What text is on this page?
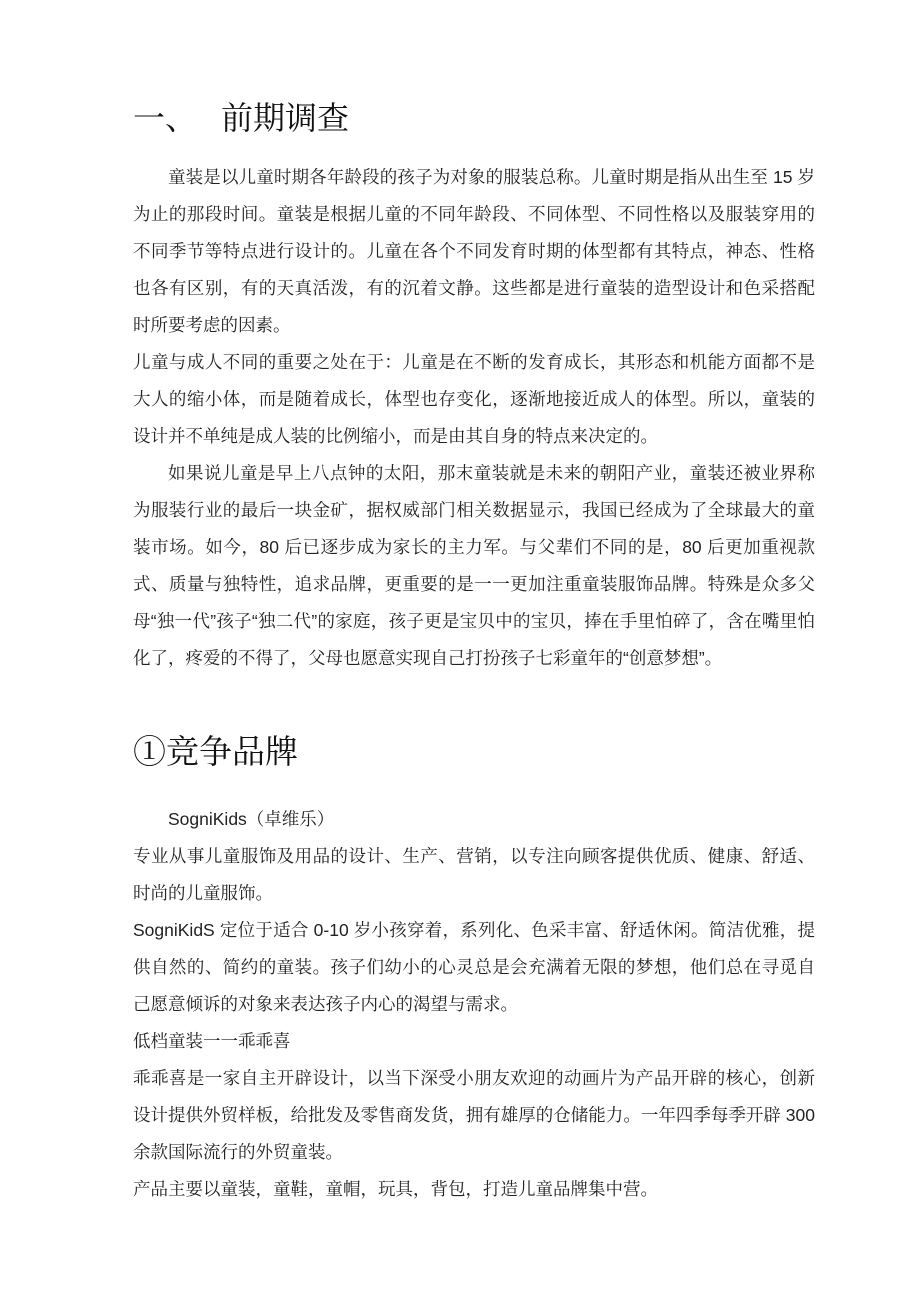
一、 前期调查

童装是以儿童时期各年龄段的孩子为对象的服装总称。儿童时期是指从出生至 15 岁为止的那段时间。童装是根据儿童的不同年龄段、不同体型、不同性格以及服装穿用的不同季节等特点进行设计的。儿童在各个不同发育时期的体型都有其特点，神态、性格也各有区别，有的天真活泼，有的沉着文静。这些都是进行童装的造型设计和色采搭配时所要考虑的因素。

儿童与成人不同的重要之处在于：儿童是在不断的发育成长，其形态和机能方面都不是大人的缩小体，而是随着成长，体型也存变化，逐渐地接近成人的体型。所以，童装的设计并不单纯是成人装的比例缩小，而是由其自身的特点来决定的。

如果说儿童是早上八点钟的太阳，那末童装就是未来的朝阳产业，童装还被业界称为服装行业的最后一块金矿，据权威部门相关数据显示，我国已经成为了全球最大的童装市场。如今，80 后已逐步成为家长的主力军。与父辈们不同的是，80 后更加重视款式、质量与独特性，追求品牌，更重要的是一一更加注重童装服饰品牌。特殊是众多父母“独一代”孩子“独二代”的家庭，孩子更是宝贝中的宝贝，捧在手里怕碎了，含在嘴里怕化了，疼爱的不得了，父母也愿意实现自己打扮孩子七彩童年的“创意梦想”。

①竞争品牌

SogniKids（卓维乐）

专业从事儿童服饰及用品的设计、生产、营销，以专注向顾客提供优质、健康、舒适、时尚的儿童服饰。

SogniKidS 定位于适合 0-10 岁小孩穿着，系列化、色采丰富、舒适休闲。简洁优雅，提供自然的、简约的童装。孩子们幼小的心灵总是会充满着无限的梦想，他们总在寻觅自己愿意倾诉的对象来表达孩子内心的渴望与需求。

低档童装一一乖乖喜

乖乖喜是一家自主开辟设计，以当下深受小朋友欢迎的动画片为产品开辟的核心，创新设计提供外贸样板，给批发及零售商发货，拥有雄厚的仓储能力。一年四季每季开辟 300 余款国际流行的外贸童装。

产品主要以童装，童鞋，童帽，玩具，背包，打造儿童品牌集中营。
